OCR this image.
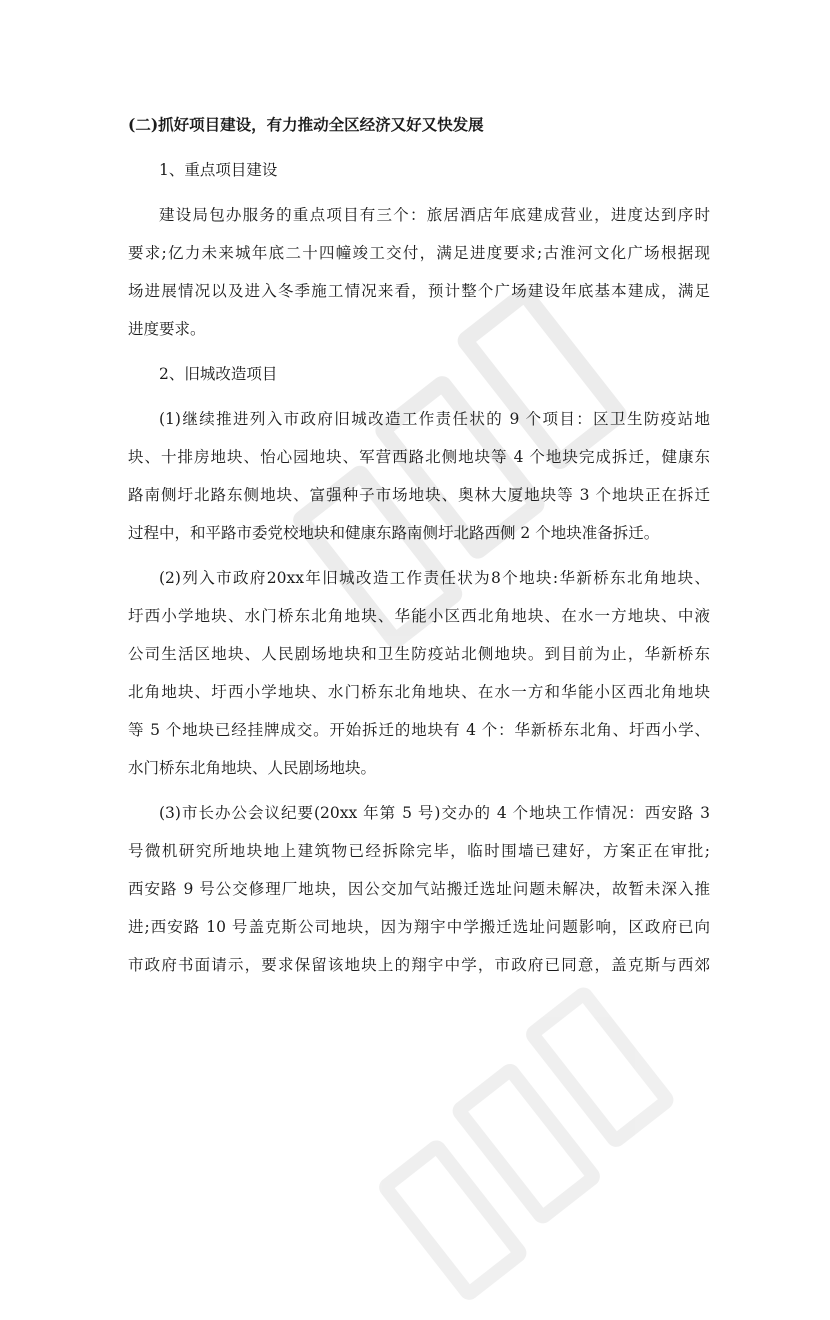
(二)抓好项目建设，有力推动全区经济又好又快发展
1、重点项目建设
建设局包办服务的重点项目有三个：旅居酒店年底建成营业，进度达到序时
要求;亿力未来城年底二十四幢竣工交付，满足进度要求;古淮河文化广场根据现
场进展情况以及进入冬季施工情况来看，预计整个广场建设年底基本建成，满足
进度要求。
2、旧城改造项目
(1)继续推进列入市政府旧城改造工作责任状的 9 个项目：区卫生防疫站地
块、十排房地块、怡心园地块、军营西路北侧地块等 4 个地块完成拆迁，健康东
路南侧圩北路东侧地块、富强种子市场地块、奥林大厦地块等 3 个地块正在拆迁
过程中，和平路市委党校地块和健康东路南侧圩北路西侧 2 个地块准备拆迁。
(2)列入市政府20xx年旧城改造工作责任状为8个地块:华新桥东北角地块、
圩西小学地块、水门桥东北角地块、华能小区西北角地块、在水一方地块、中液
公司生活区地块、人民剧场地块和卫生防疫站北侧地块。到目前为止，华新桥东
北角地块、圩西小学地块、水门桥东北角地块、在水一方和华能小区西北角地块
等 5 个地块已经挂牌成交。开始拆迁的地块有 4 个：华新桥东北角、圩西小学、
水门桥东北角地块、人民剧场地块。
(3)市长办公会议纪要(20xx 年第 5 号)交办的 4 个地块工作情况：西安路 3
号微机研究所地块地上建筑物已经拆除完毕，临时围墙已建好，方案正在审批;
西安路 9 号公交修理厂地块，因公交加气站搬迁选址问题未解决，故暂未深入推
进;西安路 10 号盖克斯公司地块，因为翔宇中学搬迁选址问题影响，区政府已向
市政府书面请示，要求保留该地块上的翔宇中学，市政府已同意，盖克斯与西郊
